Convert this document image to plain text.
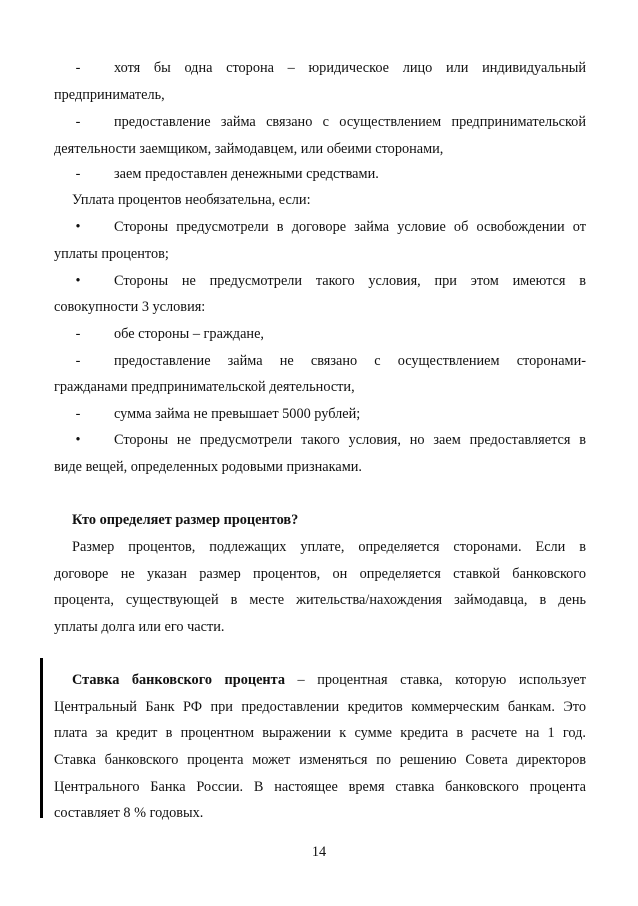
- хотя бы одна сторона – юридическое лицо или индивидуальный
предприниматель,
- предоставление займа связано с осуществлением предпринимательской
деятельности заемщиком, займодавцем, или обеими сторонами,
- заем предоставлен денежными средствами.
Уплата процентов необязательна, если:
• Стороны предусмотрели в договоре займа условие об освобождении от
уплаты процентов;
• Стороны не предусмотрели такого условия, при этом имеются в
совокупности 3 условия:
- обе стороны – граждане,
- предоставление займа не связано с осуществлением сторонами-
гражданами предпринимательской деятельности,
- сумма займа не превышает 5000 рублей;
• Стороны не предусмотрели такого условия, но заем предоставляется в
виде вещей, определенных родовыми признаками.
Кто определяет размер процентов?
Размер процентов, подлежащих уплате, определяется сторонами. Если в
договоре не указан размер процентов, он определяется ставкой банковского
процента, существующей в месте жительства/нахождения займодавца, в день
уплаты долга или его части.
Ставка банковского процента – процентная ставка, которую использует
Центральный Банк РФ при предоставлении кредитов коммерческим банкам. Это
плата за кредит в процентном выражении к сумме кредита в расчете на 1 год.
Ставка банковского процента может изменяться по решению Совета директоров
Центрального Банка России. В настоящее время ставка банковского процента
составляет 8 % годовых.
14
